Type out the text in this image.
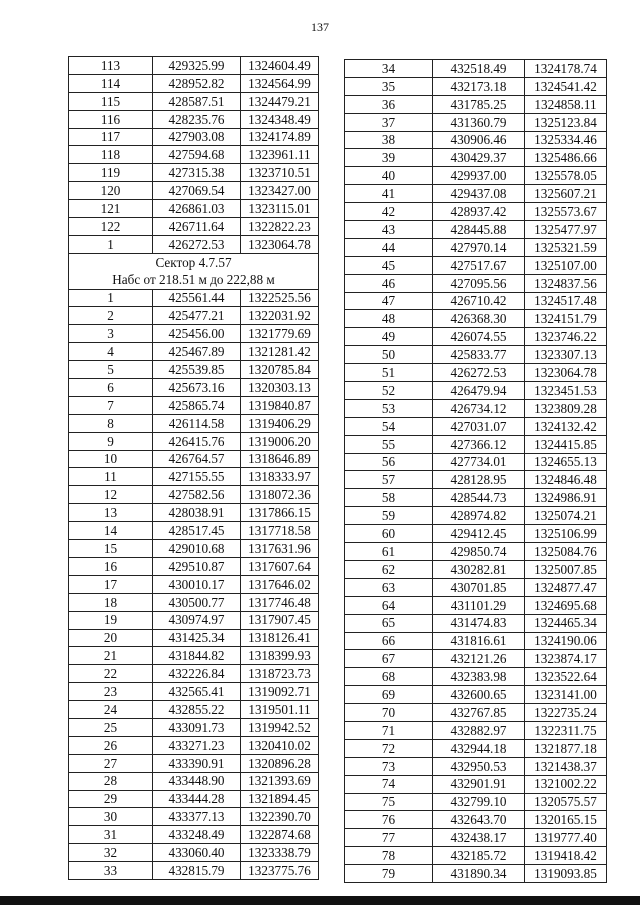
137
113	429325.99	1324604.49
114	428952.82	1324564.99
115	428587.51	1324479.21
116	428235.76	1324348.49
117	427903.08	1324174.89
118	427594.68	1323961.11
119	427315.38	1323710.51
120	427069.54	1323427.00
121	426861.03	1323115.01
122	426711.64	1322822.23
1	426272.53	1323064.78
Сектор 4.7.57		
Набс от 218.51 м до 222,88 м		
1	425561.44	1322525.56
2	425477.21	1322031.92
3	425456.00	1321779.69
4	425467.89	1321281.42
5	425539.85	1320785.84
6	425673.16	1320303.13
7	425865.74	1319840.87
8	426114.58	1319406.29
9	426415.76	1319006.20
10	426764.57	1318646.89
11	427155.55	1318333.97
12	427582.56	1318072.36
13	428038.91	1317866.15
14	428517.45	1317718.58
15	429010.68	1317631.96
16	429510.87	1317607.64
17	430010.17	1317646.02
18	430500.77	1317746.48
19	430974.97	1317907.45
20	431425.34	1318126.41
21	431844.82	1318399.93
22	432226.84	1318723.73
23	432565.41	1319092.71
24	432855.22	1319501.11
25	433091.73	1319942.52
26	433271.23	1320410.02
27	433390.91	1320896.28
28	433448.90	1321393.69
29	433444.28	1321894.45
30	433377.13	1322390.70
31	433248.49	1322874.68
32	433060.40	1323338.79
33	432815.79	1323775.76
34	432518.49	1324178.74
35	432173.18	1324541.42
36	431785.25	1324858.11
37	431360.79	1325123.84
38	430906.46	1325334.46
39	430429.37	1325486.66
40	429937.00	1325578.05
41	429437.08	1325607.21
42	428937.42	1325573.67
43	428445.88	1325477.97
44	427970.14	1325321.59
45	427517.67	1325107.00
46	427095.56	1324837.56
47	426710.42	1324517.48
48	426368.30	1324151.79
49	426074.55	1323746.22
50	425833.77	1323307.13
51	426272.53	1323064.78
52	426479.94	1323451.53
53	426734.12	1323809.28
54	427031.07	1324132.42
55	427366.12	1324415.85
56	427734.01	1324655.13
57	428128.95	1324846.48
58	428544.73	1324986.91
59	428974.82	1325074.21
60	429412.45	1325106.99
61	429850.74	1325084.76
62	430282.81	1325007.85
63	430701.85	1324877.47
64	431101.29	1324695.68
65	431474.83	1324465.34
66	431816.61	1324190.06
67	432121.26	1323874.17
68	432383.98	1323522.64
69	432600.65	1323141.00
70	432767.85	1322735.24
71	432882.97	1322311.75
72	432944.18	1321877.18
73	432950.53	1321438.37
74	432901.91	1321002.22
75	432799.10	1320575.57
76	432643.70	1320165.15
77	432438.17	1319777.40
78	432185.72	1319418.42
79	431890.34	1319093.85
